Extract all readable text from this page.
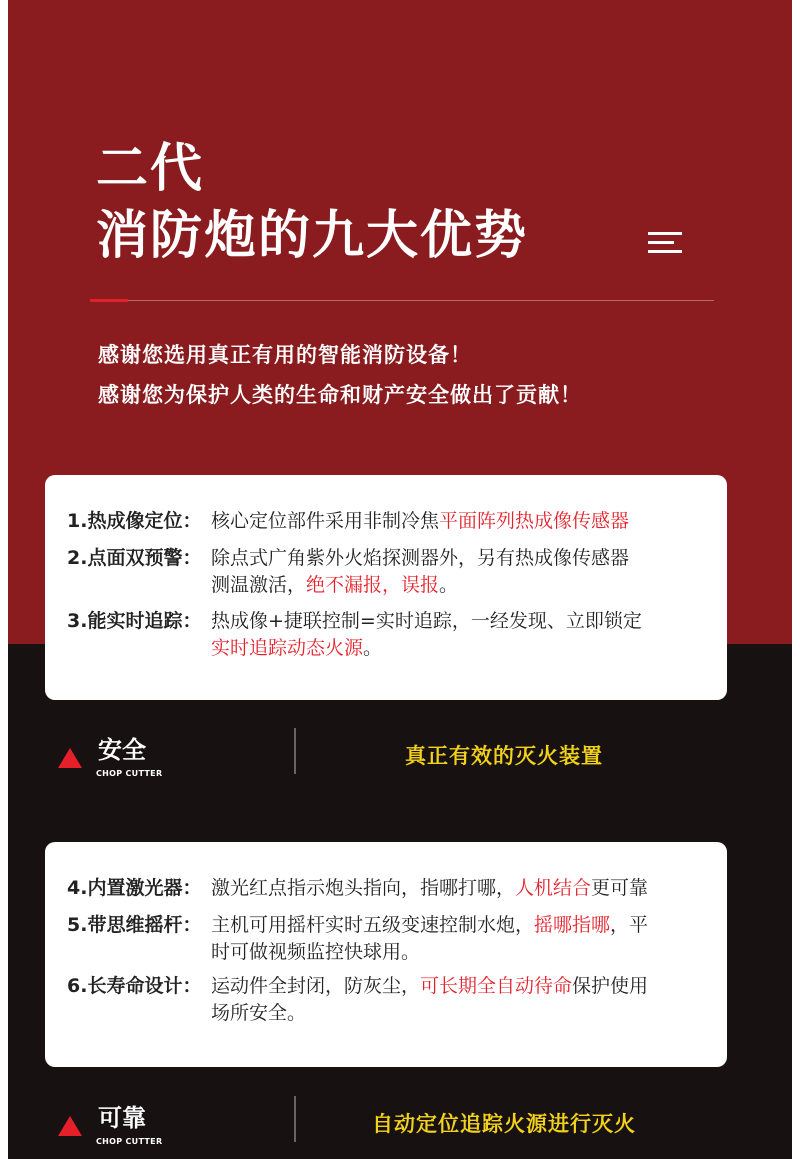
二代
消防炮的九大优势
感谢您选用真正有用的智能消防设备！
感谢您为保护人类的生命和财产安全做出了贡献！
1.热成像定位： 核心定位部件采用非制冷焦平面阵列热成像传感器
2.点面双预警： 除点式广角紫外火焰探测器外，另有热成像传感器
测温激活，绝不漏报，误报。
3.能实时追踪： 热成像+捷联控制=实时追踪，一经发现、立即锁定
实时追踪动态火源。
安全
CHOP CUTTER
真正有效的灭火装置
4.内置激光器： 激光红点指示炮头指向，指哪打哪，人机结合更可靠
5.带思维摇杆： 主机可用摇杆实时五级变速控制水炮，摇哪指哪，平
时可做视频监控快球用。
6.长寿命设计： 运动件全封闭，防灰尘，可长期全自动待命保护使用
场所安全。
可靠
CHOP CUTTER
自动定位追踪火源进行灭火
